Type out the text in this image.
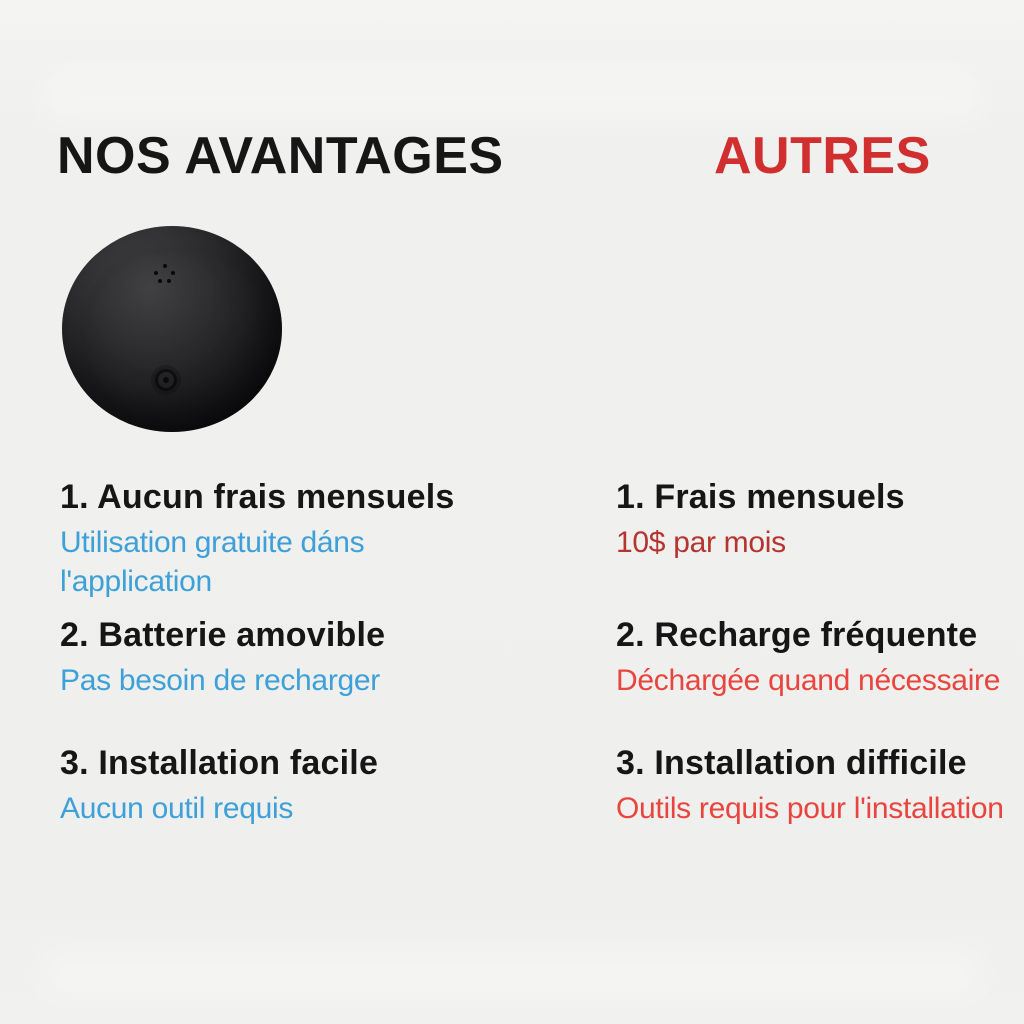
NOS AVANTAGES	AUTRES
1. Aucun frais mensuels

Utilisation gratuite dáns l'application

2. Batterie amovible

Pas besoin de recharger

3. Installation facile

Aucun outil requis

1. Frais mensuels

10$ par mois

2. Recharge fréquente

Déchargée quand nécessaire

3. Installation difficile

Outils requis pour l'installation
